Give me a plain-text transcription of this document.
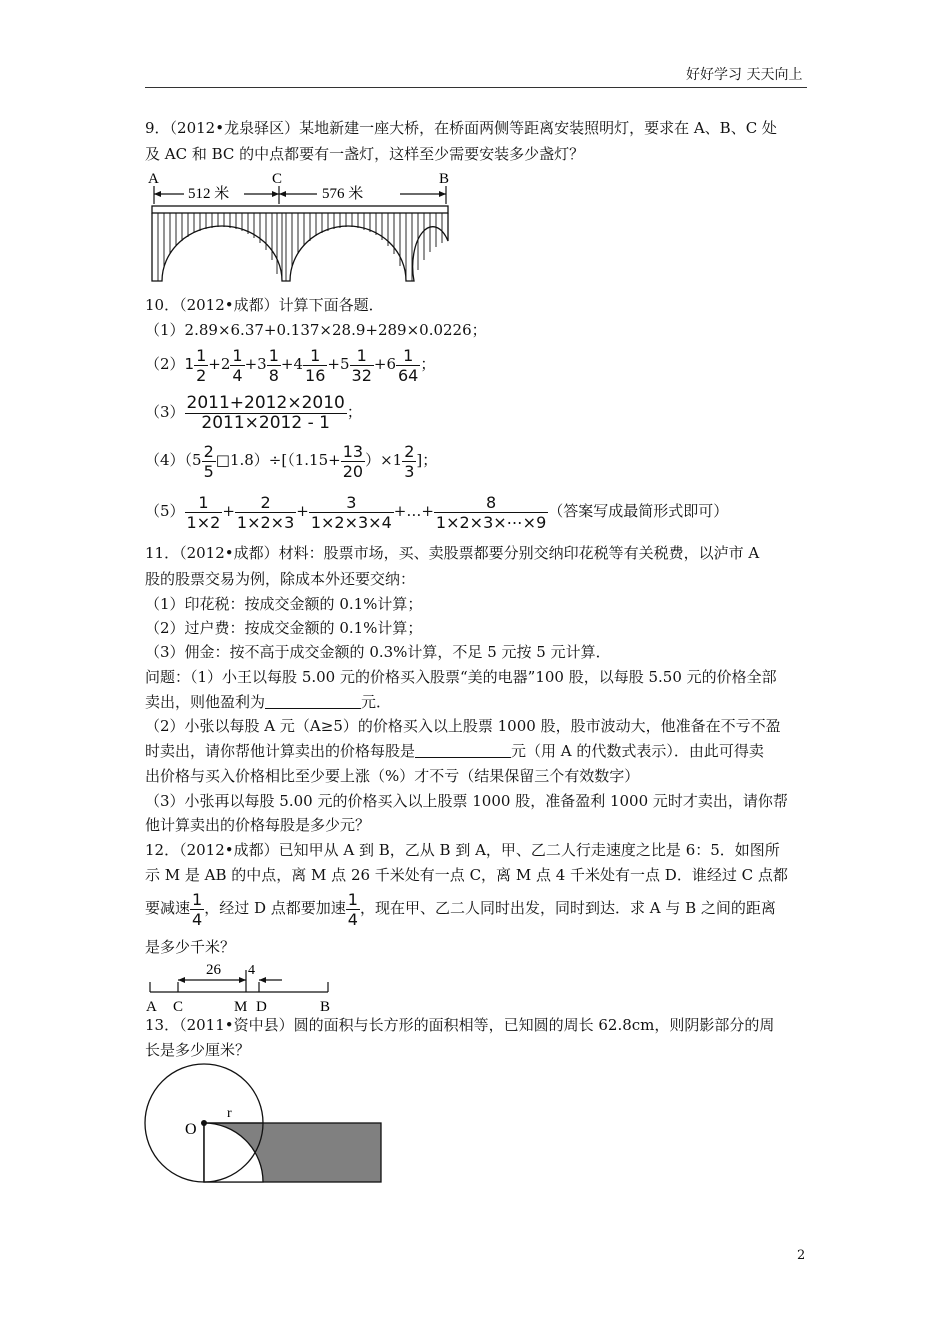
好好学习 天天向上
9．（2012•龙泉驿区）某地新建一座大桥，在桥面两侧等距离安装照明灯，要求在 A、B、C 处
及 AC 和 BC 的中点都要有一盏灯，这样至少需要安装多少盏灯？
A	C	B
512 米	576 米
10．（2012•成都）计算下面各题．
（1）2.89×6.37+0.137×28.9+289×0.0226；
$(2)1 \frac{1}{2} +2 \frac{1}{4} +3 \frac{1}{8} +4 \frac{1}{16} +5 \frac{1}{32} +6 \frac{1}{64}$ ；
$(3) \frac{2011+2012\times 2010}{2011\times 2012 - 1}$ ；
$(4)(5 \frac{2}{5}$ □1.8）÷[（1.15+ $\frac{13}{20} )\times 1 \frac{2}{3}$ ]；
$(5) \frac{1}{1\times 2} + \frac{2}{1\times 2\times 3} + \frac{3}{1\times 2\times 3\times 4}$ +…+ $\frac{8}{1\times 2\times 3\times\cdots\times 9}$ （答案写成最简形式即可）
11．（2012•成都）材料：股票市场，买、卖股票都要分别交纳印花税等有关税费，以泸市 A
股的股票交易为例，除成本外还要交纳：
（1）印花税：按成交金额的 0.1%计算；
（2）过户费：按成交金额的 0.1%计算；
（3）佣金：按不高于成交金额的 0.3%计算，不足 5 元按 5 元计算．
问题：（1）小王以每股 5.00 元的价格买入股票“美的电器”100 股，以每股 5.50 元的价格全部
卖出，则他盈利为	元．
（2）小张以每股 A 元（A≥5）的价格买入以上股票 1000 股，股市波动大，他准备在不亏不盈
时卖出，请你帮他计算卖出的价格每股是	元（用 A 的代数式表示）．由此可得卖
出价格与买入价格相比至少要上涨（%）才不亏（结果保留三个有效数字）
（3）小张再以每股 5.00 元的价格买入以上股票 1000 股，准备盈利 1000 元时才卖出，请你帮
他计算卖出的价格每股是多少元？
12．（2012•成都）已知甲从 A 到 B，乙从 B 到 A，甲、乙二人行走速度之比是 6：5．如图所
示 M 是 AB 的中点，离 M 点 26 千米处有一点 C，离 M 点 4 千米处有一点 D．谁经过 C 点都
要减速 $\frac{1}{4}$ ，经过 D 点都要加速 $\frac{1}{4}$ ，现在甲、乙二人同时出发，同时到达．求 A 与 B 之间的距离
是多少千米？
26 4
A C	M D	B
13．（2011•资中县）圆的面积与长方形的面积相等，已知圆的周长 62.8cm，则阴影部分的周
长是多少厘米？
O
r
2
